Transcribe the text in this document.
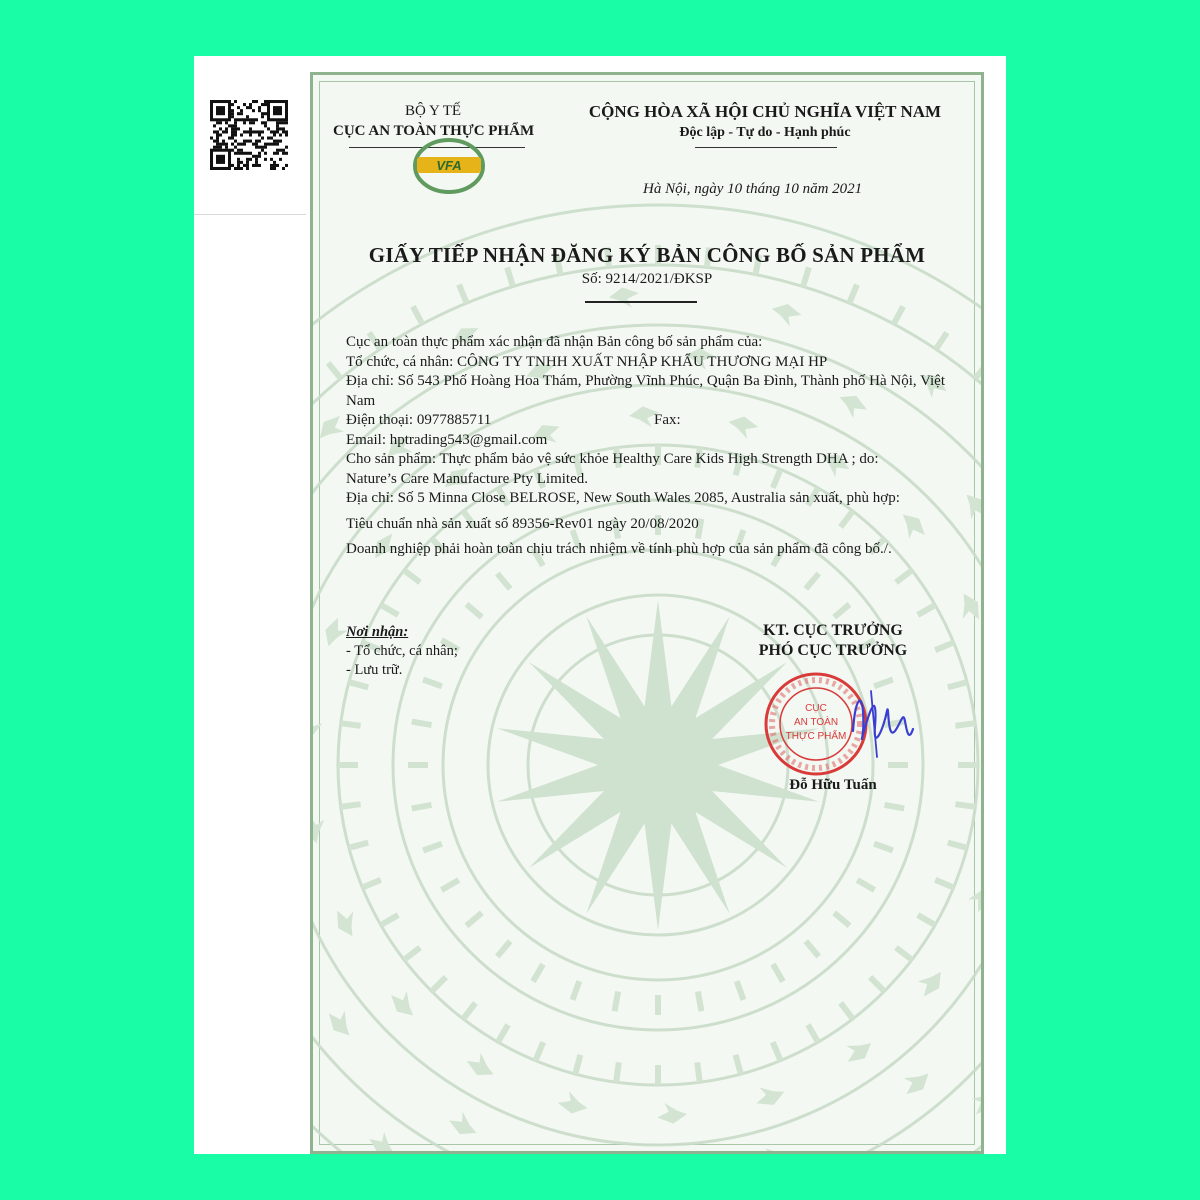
BỘ Y TẾ
CỤC AN TOÀN THỰC PHẨM
VFA
CỘNG HÒA XÃ HỘI CHỦ NGHĨA VIỆT NAM
Độc lập - Tự do - Hạnh phúc
Hà Nội, ngày 10 tháng 10 năm 2021
GIẤY TIẾP NHẬN ĐĂNG KÝ BẢN CÔNG BỐ SẢN PHẨM
Số: 9214/2021/ĐKSP

Cục an toàn thực phẩm xác nhận đã nhận Bản công bố sản phẩm của:

Tổ chức, cá nhân: CÔNG TY TNHH XUẤT NHẬP KHẨU THƯƠNG MẠI HP

Địa chỉ: Số 543 Phố Hoàng Hoa Thám, Phường Vĩnh Phúc, Quận Ba Đình, Thành phố Hà Nội, Việt Nam

Điện thoại: 0977885711	Fax:

Email: hptrading543@gmail.com

Cho sản phẩm: Thực phẩm bảo vệ sức khỏe Healthy Care Kids High Strength DHA ; do:

Nature’s Care Manufacture Pty Limited.

Địa chỉ: Số 5 Minna Close BELROSE, New South Wales 2085, Australia sản xuất, phù hợp:

Tiêu chuẩn nhà sản xuất số 89356-Rev01 ngày 20/08/2020

Doanh nghiệp phải hoàn toàn chịu trách nhiệm về tính phù hợp của sản phẩm đã công bố./.

Nơi nhận:
- Tổ chức, cá nhân;
- Lưu trữ.
KT. CỤC TRƯỞNG
PHÓ CỤC TRƯỞNG
CỤC
AN TOÀN
THỰC PHẨM
Đỗ Hữu Tuấn
